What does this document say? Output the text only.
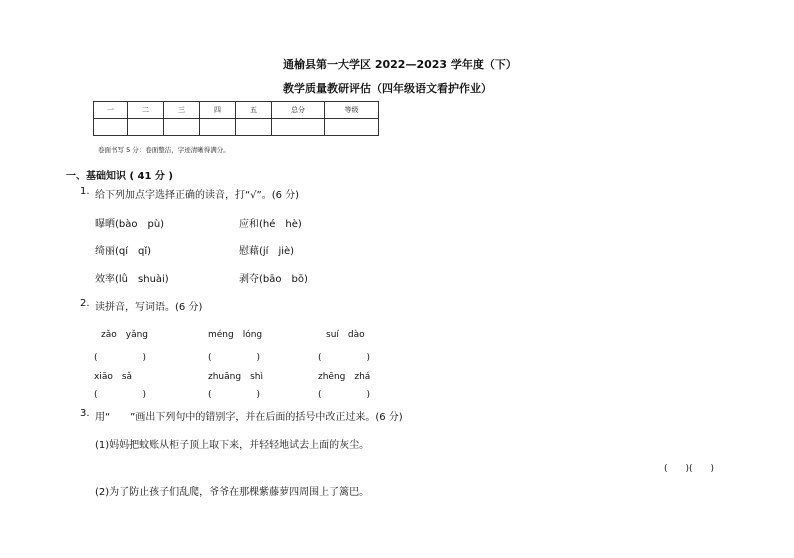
通榆县第一大学区 2022—2023 学年度（下）
教学质量教研评估（四年级语文看护作业）
一	二	三	四	五	总分	等级

卷面书写 5 分：卷面整洁，字迹清晰得满分。
一、基础知识 ( 41 分 )
1. 给下列加点字选择正确的读音，打“√”。(6 分)
曝晒(bào　pù)	应和(hé　hè)
绮丽(qí　qǐ)	慰藉(jí　jiè)
效率(lǜ　shuài)	剥夺(bāo　bō)
2. 读拼音，写词语。(6 分)
zǎo　yǎng	méng　lóng	suí　dào
(　　　　　)	(　　　　　)	(　　　　　)
xiāo　sǎ	zhuāng　shì	zhēng　zhá
(　　　　　)	(　　　　　)	(　　　　　)
3. 用“　　”画出下列句中的错别字，并在后面的括号中改正过来。(6 分)
(1)妈妈把蚊账从柜子顶上取下来，并轻轻地试去上面的灰尘。
(　　)(　　)
(2)为了防止孩子们乱爬，爷爷在那棵紫藤萝四周围上了篱巴。
